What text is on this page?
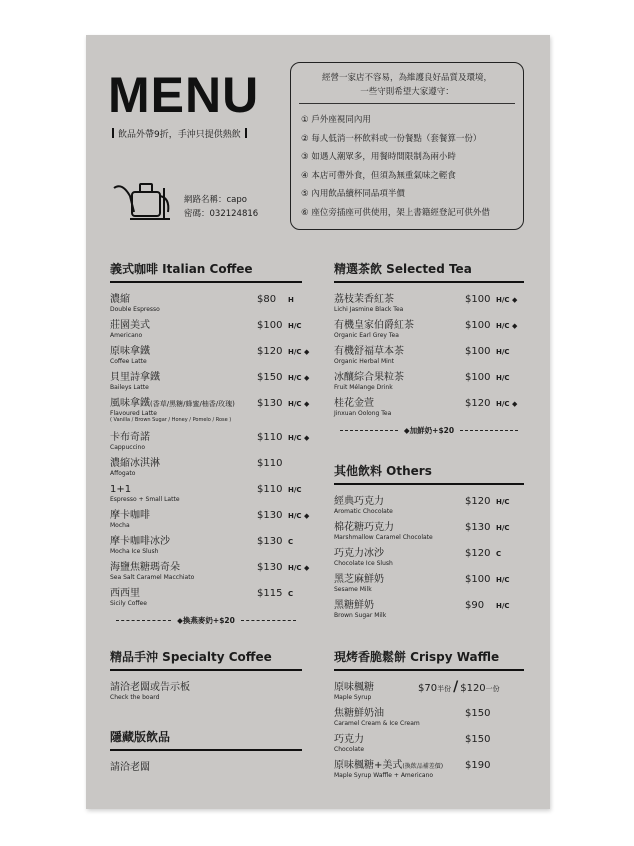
MENU
飲品外帶9折，手沖只提供熱飲
網路名稱：capo
密碼：032124816
經營一家店不容易，為維護良好品質及環境，
一些守則希望大家遵守：
① 戶外座視同內用
② 每人低消一杯飲料或一份餐點（套餐算一份）
③ 如遇人潮眾多，用餐時間限制為兩小時
④ 本店可帶外食，但須為無重氣味之輕食
⑤ 內用飲品續杯同品項半價
⑥ 座位旁插座可供使用，架上書籍經登記可供外借
義式咖啡 Italian Coffee
濃縮
Double Espresso
$80 H
莊園美式
Americano
$100 H/C
原味拿鐵
Coffee Latte
$120 H/C ◆
貝里詩拿鐵
Baileys Latte
$150 H/C ◆
風味拿鐵(香草/黑糖/蜂蜜/柚香/玫瑰)
Flavoured Latte
( Vanilla / Brown Sugar / Honey / Pomelo / Rose )
$130 H/C ◆
卡布奇諾
Cappuccino
$110 H/C ◆
濃縮冰淇淋
Affogato
$110
1+1
Espresso + Small Latte
$110 H/C
摩卡咖啡
Mocha
$130 H/C ◆
摩卡咖啡冰沙
Mocha Ice Slush
$130 C
海鹽焦糖瑪奇朵
Sea Salt Caramel Macchiato
$130 H/C ◆
西西里
Sicily Coffee
$115 C
◆換燕麥奶+$20
精選茶飲 Selected Tea
荔枝茉香紅茶
Lichi Jasmine Black Tea
$100 H/C ◆
有機皇家伯爵紅茶
Organic Earl Grey Tea
$100 H/C ◆
有機舒福草本茶
Organic Herbal Mint
$100 H/C
冰釀綜合果粒茶
Fruit Mélange Drink
$100 H/C
桂花金萱
Jinxuan Oolong Tea
$120 H/C ◆
◆加鮮奶+$20
其他飲料 Others
經典巧克力
Aromatic Chocolate
$120 H/C
棉花糖巧克力
Marshmallow Caramel Chocolate
$130 H/C
巧克力冰沙
Chocolate Ice Slush
$120 C
黑芝麻鮮奶
Sesame Milk
$100 H/C
黑糖鮮奶
Brown Sugar Milk
$90 H/C
精品手沖 Specialty Coffee
請洽老闆或告示板
Check the board
隱藏版飲品
請洽老闆
現烤香脆鬆餅 Crispy Waffle
原味楓糖
Maple Syrup
$70半份 / $120一份
焦糖鮮奶油
Caramel Cream & Ice Cream
$150
巧克力
Chocolate
$150
原味楓糖+美式(換飲品補差價)
Maple Syrup Waffle + Americano
$190
